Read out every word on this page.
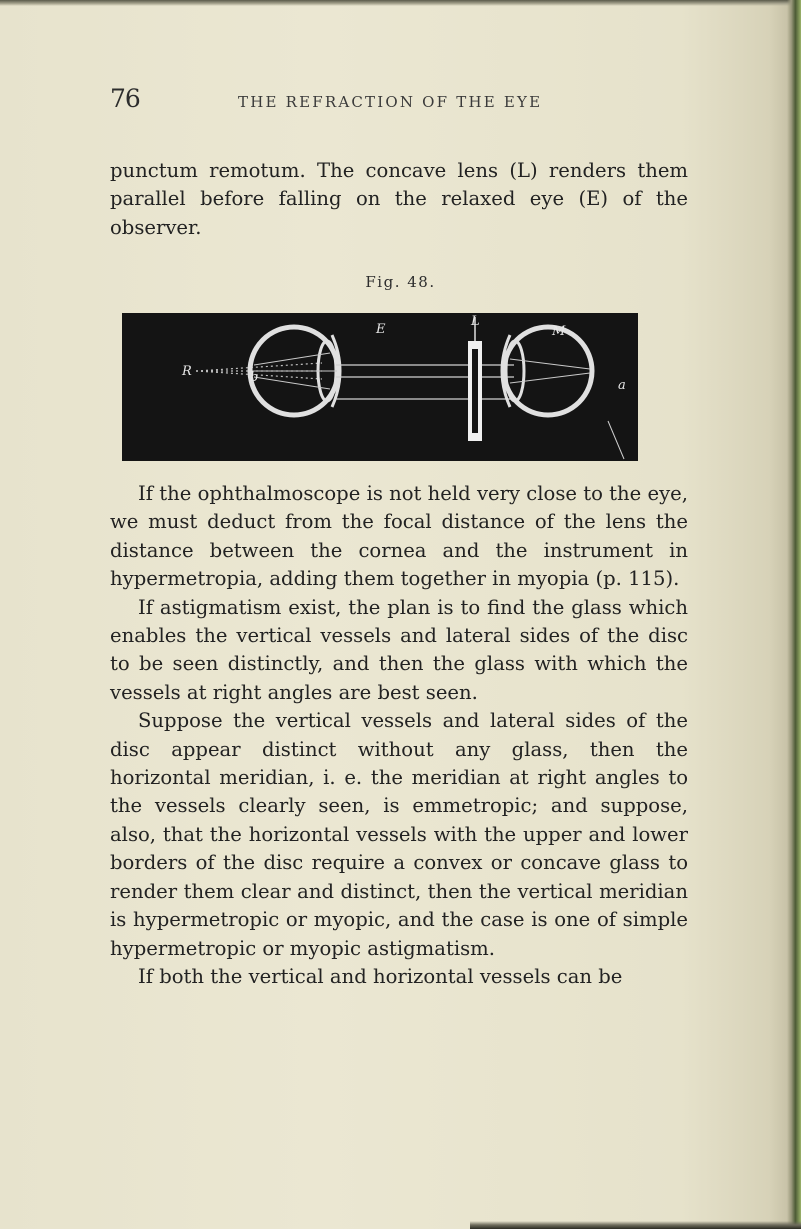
76	THE REFRACTION OF THE EYE

punctum remotum. The concave lens (L) renders them parallel before falling on the relaxed eye (E) of the observer.

Fig. 48.
E
L
M
R	b
a

If the ophthalmoscope is not held very close to the eye, we must deduct from the focal distance of the lens the distance between the cornea and the instrument in hypermetropia, adding them together in myopia (p. 115).

If astigmatism exist, the plan is to find the glass which enables the vertical vessels and lateral sides of the disc to be seen distinctly, and then the glass with which the vessels at right angles are best seen.

Suppose the vertical vessels and lateral sides of the disc appear distinct without any glass, then the horizontal meridian, i. e. the meridian at right angles to the vessels clearly seen, is emmetropic; and suppose, also, that the horizontal vessels with the upper and lower borders of the disc require a convex or concave glass to render them clear and distinct, then the vertical meridian is hypermetropic or myopic, and the case is one of simple hypermetropic or myopic astigmatism.

If both the vertical and horizontal vessels can be
